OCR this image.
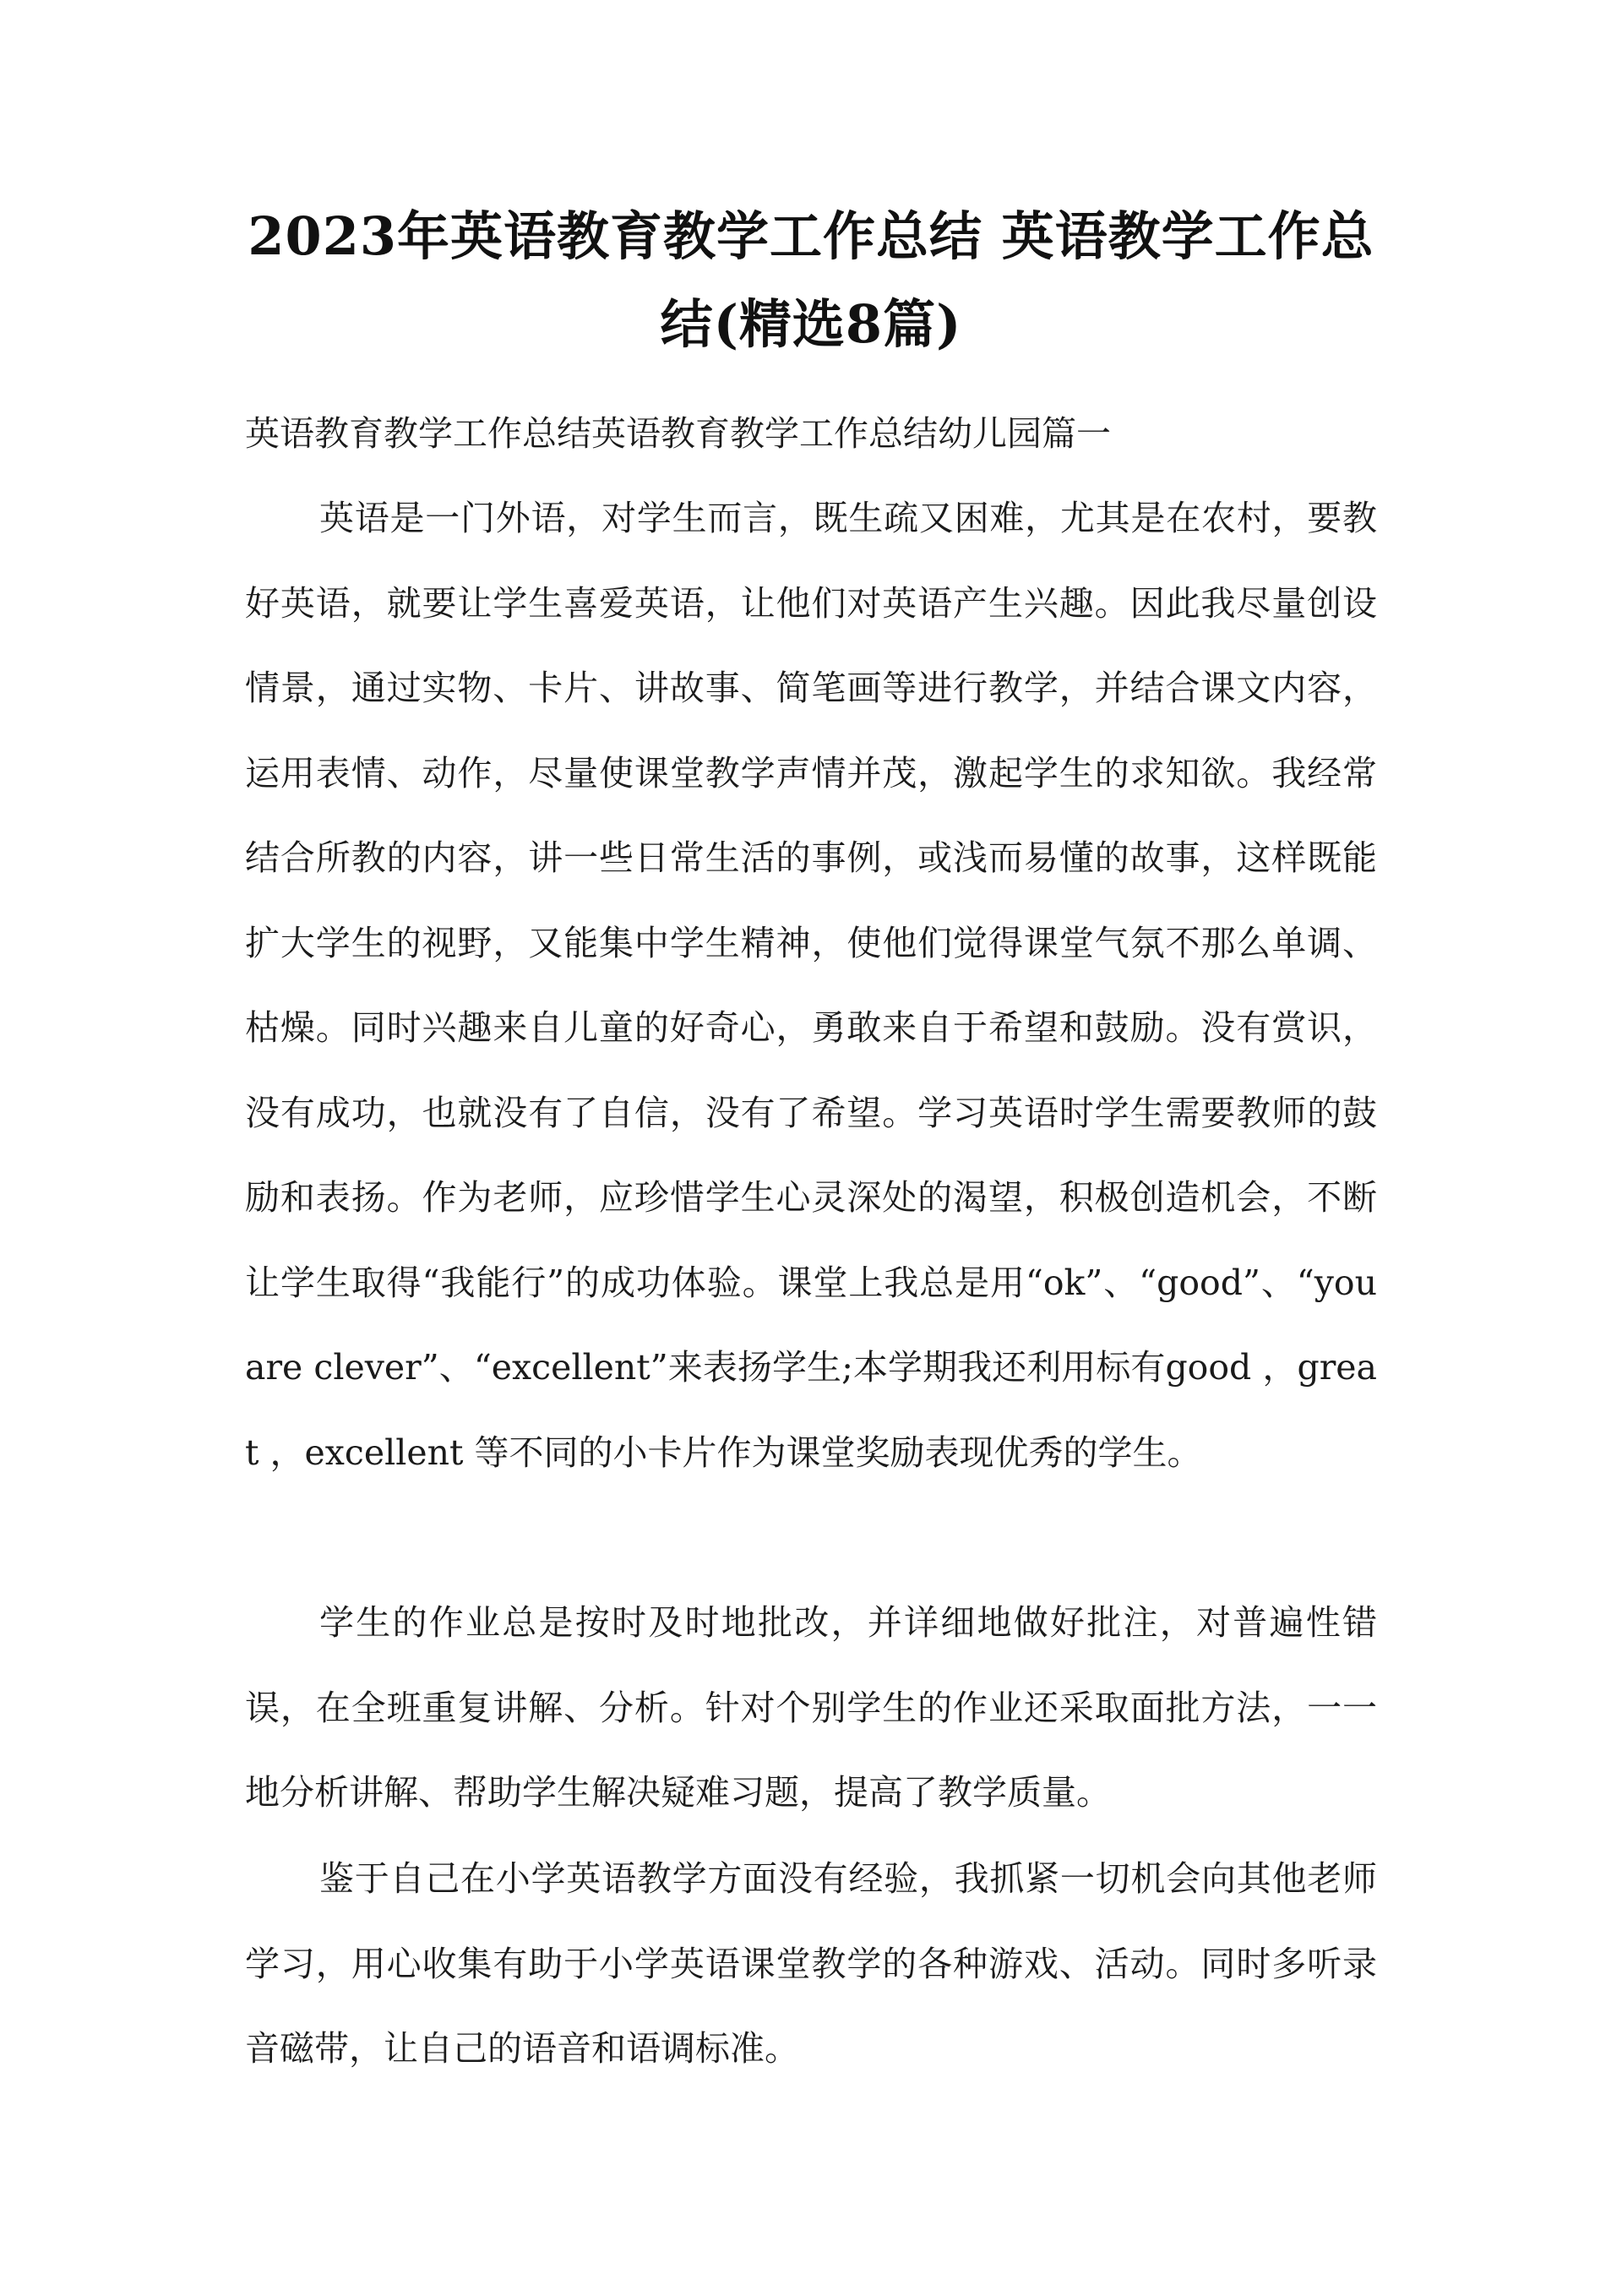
2023年英语教育教学工作总结 英语教学工作总结(精选8篇)

英语教育教学工作总结英语教育教学工作总结幼儿园篇一

英语是一门外语，对学生而言，既生疏又困难，尤其是在农村，要教好英语，就要让学生喜爱英语，让他们对英语产生兴趣。因此我尽量创设情景，通过实物、卡片、讲故事、简笔画等进行教学，并结合课文内容，运用表情、动作，尽量使课堂教学声情并茂，激起学生的求知欲。我经常结合所教的内容，讲一些日常生活的事例，或浅而易懂的故事，这样既能扩大学生的视野，又能集中学生精神，使他们觉得课堂气氛不那么单调、枯燥。同时兴趣来自儿童的好奇心，勇敢来自于希望和鼓励。没有赏识，没有成功，也就没有了自信，没有了希望。学习英语时学生需要教师的鼓励和表扬。作为老师，应珍惜学生心灵深处的渴望，积极创造机会，不断让学生取得“我能行”的成功体验。课堂上我总是用“ok”、“good”、“you are clever”、“excellent”来表扬学生;本学期我还利用标有good ，great ，excellent 等不同的小卡片作为课堂奖励表现优秀的学生。

学生的作业总是按时及时地批改，并详细地做好批注，对普遍性错误，在全班重复讲解、分析。针对个别学生的作业还采取面批方法，一一地分析讲解、帮助学生解决疑难习题，提高了教学质量。

鉴于自己在小学英语教学方面没有经验，我抓紧一切机会向其他老师学习，用心收集有助于小学英语课堂教学的各种游戏、活动。同时多听录音磁带，让自己的语音和语调标准。
